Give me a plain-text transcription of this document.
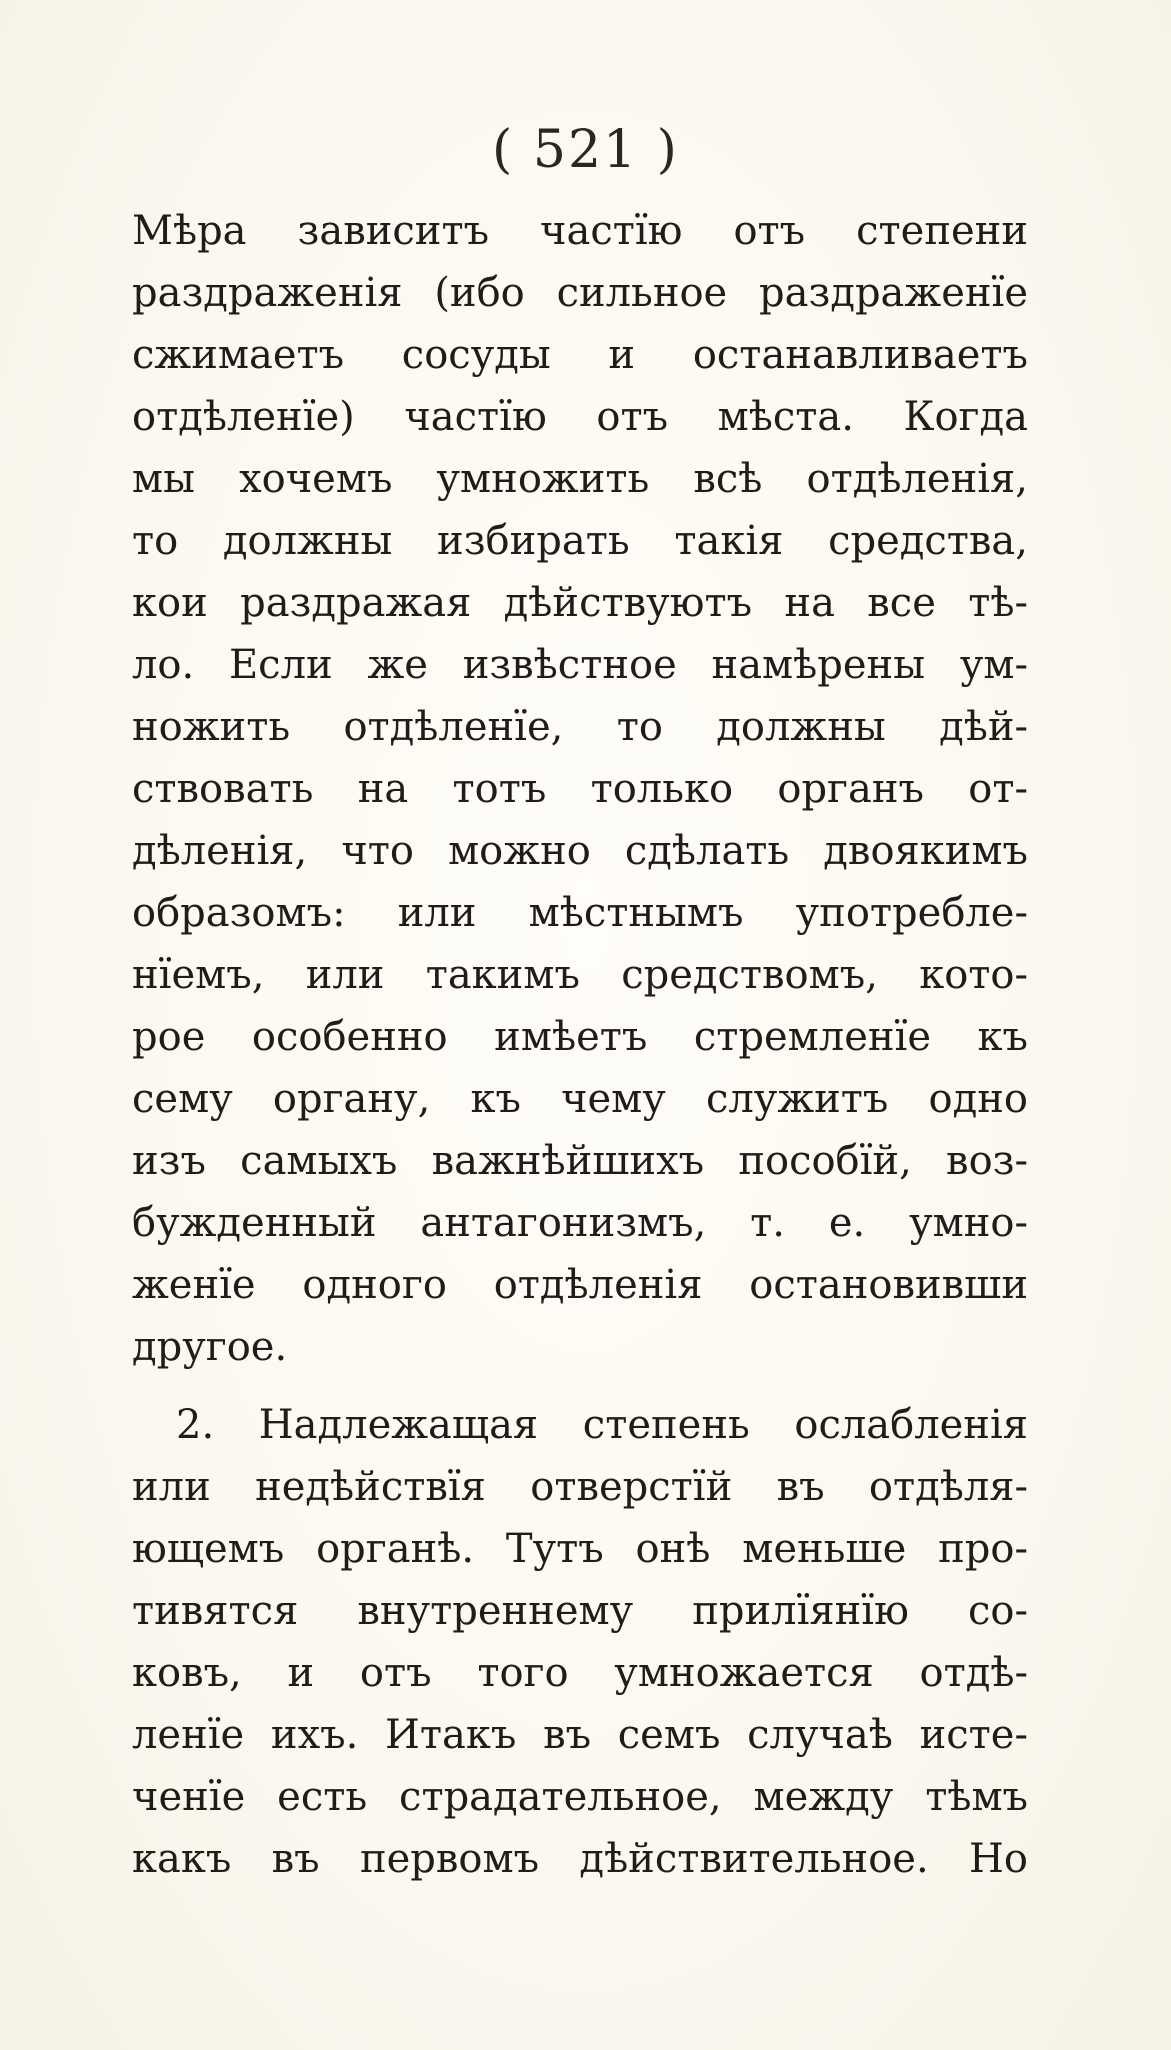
( 521 )
Мѣра зависитъ частїю отъ степени
раздраженія (ибо сильное раздраженїе
сжимаетъ сосуды и останавливаетъ
отдѣленїе) частїю отъ мѣста. Когда
мы хочемъ умножить всѣ отдѣленія,
то должны избирать такія средства,
кои раздражая дѣйствуютъ на все тѣ-
ло. Если же извѣстное намѣрены ум-
ножить отдѣленїе, то должны дѣй-
ствовать на тотъ только органъ от-
дѣленія, что можно сдѣлать двоякимъ
образомъ: или мѣстнымъ употребле-
нїемъ, или такимъ средствомъ, кото-
рое особенно имѣетъ стремленїе къ
сему органу, къ чему служитъ одно
изъ самыхъ важнѣйшихъ пособїй, воз-
бужденный антагонизмъ, т. е. умно-
женїе одного отдѣленія остановивши
другое.
2. Надлежащая степень ослабленія
или недѣйствїя отверстїй въ отдѣля-
ющемъ органѣ. Тутъ онѣ меньше про-
тивятся внутреннему прилїянїю со-
ковъ, и отъ того умножается отдѣ-
ленїе ихъ. Итакъ въ семъ случаѣ исте-
ченїе есть страдательное, между тѣмъ
какъ въ первомъ дѣйствительное. Но
